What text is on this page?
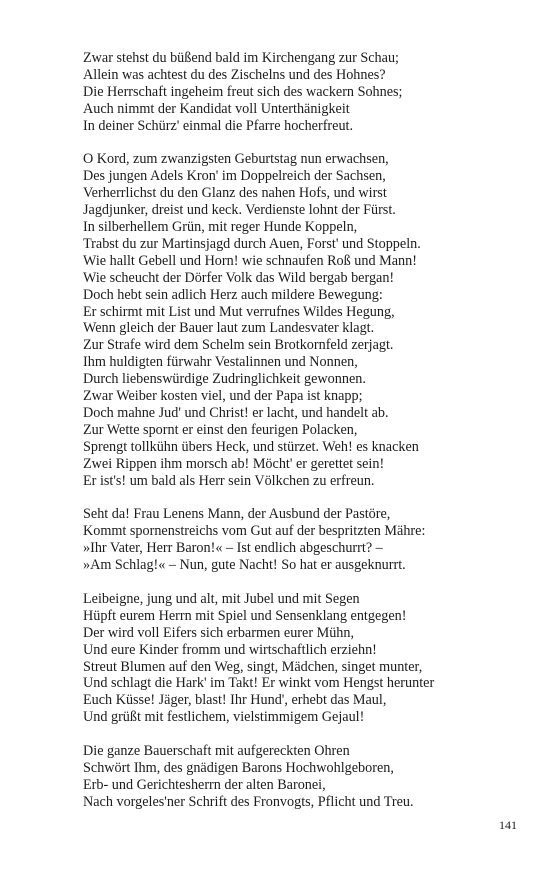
Zwar stehst du büßend bald im Kirchengang zur Schau;
Allein was achtest du des Zischelns und des Hohnes?
Die Herrschaft ingeheim freut sich des wackern Sohnes;
Auch nimmt der Kandidat voll Unterthänigkeit
In deiner Schürz' einmal die Pfarre hocherfreut.
O Kord, zum zwanzigsten Geburtstag nun erwachsen,
Des jungen Adels Kron' im Doppelreich der Sachsen,
Verherrlichst du den Glanz des nahen Hofs, und wirst
Jagdjunker, dreist und keck. Verdienste lohnt der Fürst.
In silberhellem Grün, mit reger Hunde Koppeln,
Trabst du zur Martinsjagd durch Auen, Forst' und Stoppeln.
Wie hallt Gebell und Horn! wie schnaufen Roß und Mann!
Wie scheucht der Dörfer Volk das Wild bergab bergan!
Doch hebt sein adlich Herz auch mildere Bewegung:
Er schirmt mit List und Mut verrufnes Wildes Hegung,
Wenn gleich der Bauer laut zum Landesvater klagt.
Zur Strafe wird dem Schelm sein Brotkornfeld zerjagt.
Ihm huldigten fürwahr Vestalinnen und Nonnen,
Durch liebenswürdige Zudringlichkeit gewonnen.
Zwar Weiber kosten viel, und der Papa ist knapp;
Doch mahne Jud' und Christ! er lacht, und handelt ab.
Zur Wette spornt er einst den feurigen Polacken,
Sprengt tollkühn übers Heck, und stürzet. Weh! es knacken
Zwei Rippen ihm morsch ab! Möcht' er gerettet sein!
Er ist's! um bald als Herr sein Völkchen zu erfreun.
Seht da! Frau Lenens Mann, der Ausbund der Pastöre,
Kommt spornenstreichs vom Gut auf der bespritzten Mähre:
»Ihr Vater, Herr Baron!« – Ist endlich abgeschurrt? –
»Am Schlag!« – Nun, gute Nacht! So hat er ausgeknurrt.
Leibeigne, jung und alt, mit Jubel und mit Segen
Hüpft eurem Herrn mit Spiel und Sensenklang entgegen!
Der wird voll Eifers sich erbarmen eurer Mühn,
Und eure Kinder fromm und wirtschaftlich erziehn!
Streut Blumen auf den Weg, singt, Mädchen, singet munter,
Und schlagt die Hark' im Takt! Er winkt vom Hengst herunter
Euch Küsse! Jäger, blast! Ihr Hund', erhebt das Maul,
Und grüßt mit festlichem, vielstimmigem Gejaul!
Die ganze Bauerschaft mit aufgereckten Ohren
Schwört Ihm, des gnädigen Barons Hochwohlgeboren,
Erb- und Gerichtesherrn der alten Baronei,
Nach vorgeles'ner Schrift des Fronvogts, Pflicht und Treu.
141
